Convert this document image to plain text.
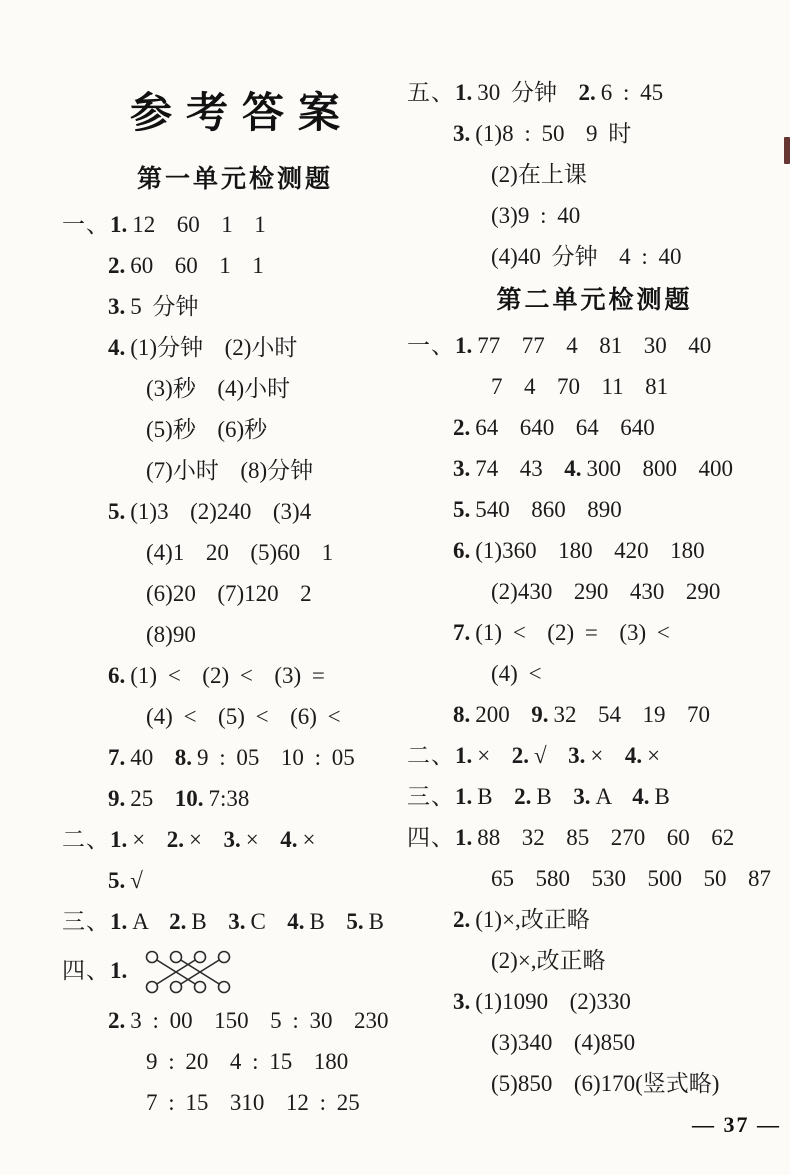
参考答案
第一单元检测题
一、1. 12  60  1  1
2. 60  60  1  1
3. 5 分钟
4. (1)分钟  (2)小时
(3)秒  (4)小时
(5)秒  (6)秒
(7)小时  (8)分钟
5. (1)3  (2)240  (3)4
(4)1  20  (5)60  1
(6)20  (7)120  2
(8)90
6. (1) <  (2) <  (3) =
(4) <  (5) <  (6) <
7. 40  8. 9 : 05  10 : 05
9. 25  10. 7:38
二、1. ×  2. ×  3. ×  4. ×
5. √
三、1. A  2. B  3. C  4. B  5. B
四、 1.
2. 3 : 00  150  5 : 30  230
9 : 20  4 : 15  180
7 : 15  310  12 : 25
五、1. 30 分钟  2. 6 : 45
3. (1)8 : 50  9 时
(2)在上课
(3)9 : 40
(4)40 分钟  4 : 40
第二单元检测题
一、1. 77  77  4  81  30  40
7  4  70  11  81
2. 64  640  64  640
3. 74  43  4. 300  800  400
5. 540  860  890
6. (1)360  180  420  180
(2)430  290  430  290
7. (1) <  (2) =  (3) <
(4) <
8. 200  9. 32  54  19  70
二、1. ×  2. √  3. ×  4. ×
三、1. B  2. B  3. A  4. B
四、1. 88  32  85  270  60  62
65  580  530  500  50  87
2. (1)×,改正略
(2)×,改正略
3. (1)1090  (2)330
(3)340  (4)850
(5)850  (6)170(竖式略)
— 37 —
